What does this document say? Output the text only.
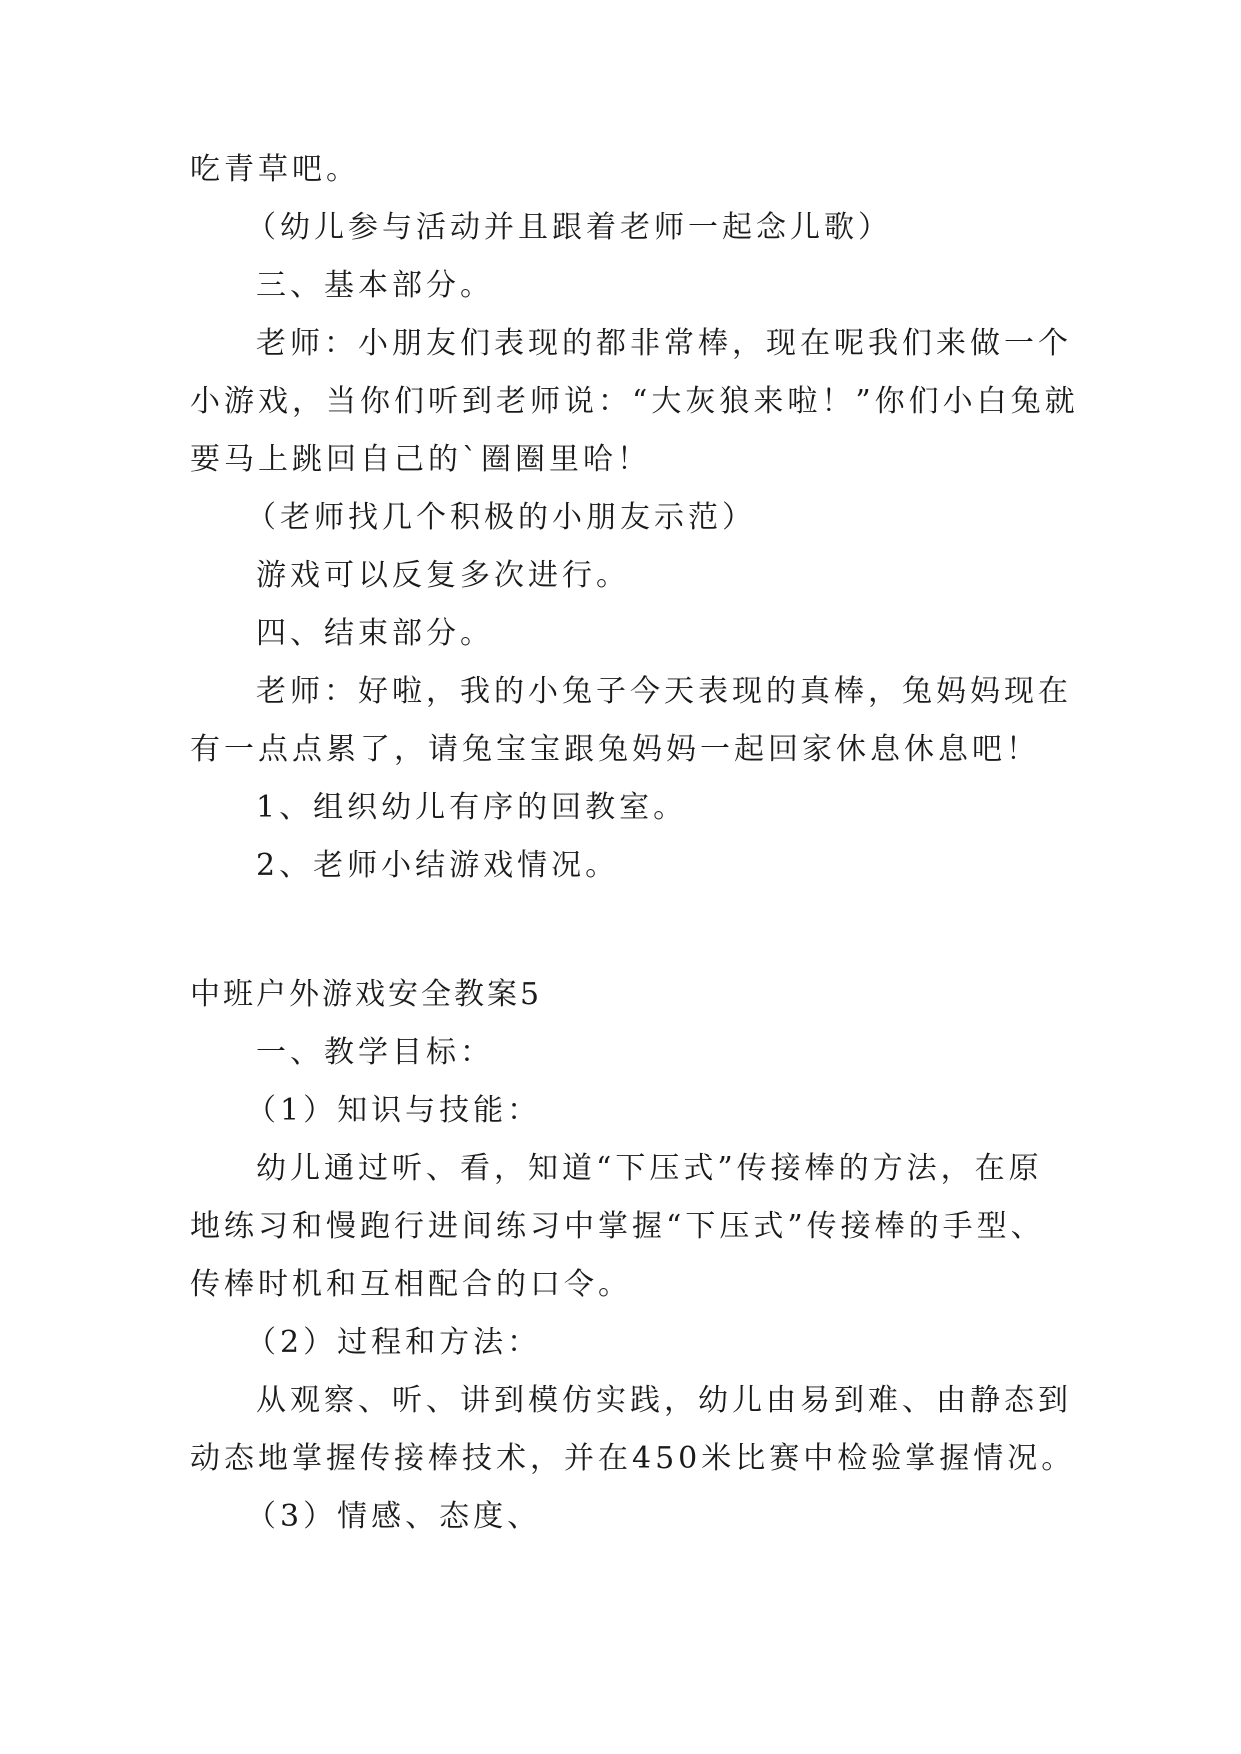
吃青草吧。
（幼儿参与活动并且跟着老师一起念儿歌）
三、基本部分。
老师：小朋友们表现的都非常棒，现在呢我们来做一个
小游戏，当你们听到老师说：“大灰狼来啦！”你们小白兔就
要马上跳回自己的`圈圈里哈！
（老师找几个积极的小朋友示范）
游戏可以反复多次进行。
四、结束部分。
老师：好啦，我的小兔子今天表现的真棒，兔妈妈现在
有一点点累了，请兔宝宝跟兔妈妈一起回家休息休息吧！
1、组织幼儿有序的回教室。
2、老师小结游戏情况。
中班户外游戏安全教案5
一、教学目标：
（1）知识与技能：
幼儿通过听、看，知道“下压式”传接棒的方法，在原
地练习和慢跑行进间练习中掌握“下压式”传接棒的手型、
传棒时机和互相配合的口令。
（2）过程和方法：
从观察、听、讲到模仿实践，幼儿由易到难、由静态到
动态地掌握传接棒技术，并在450米比赛中检验掌握情况。
（3）情感、态度、
